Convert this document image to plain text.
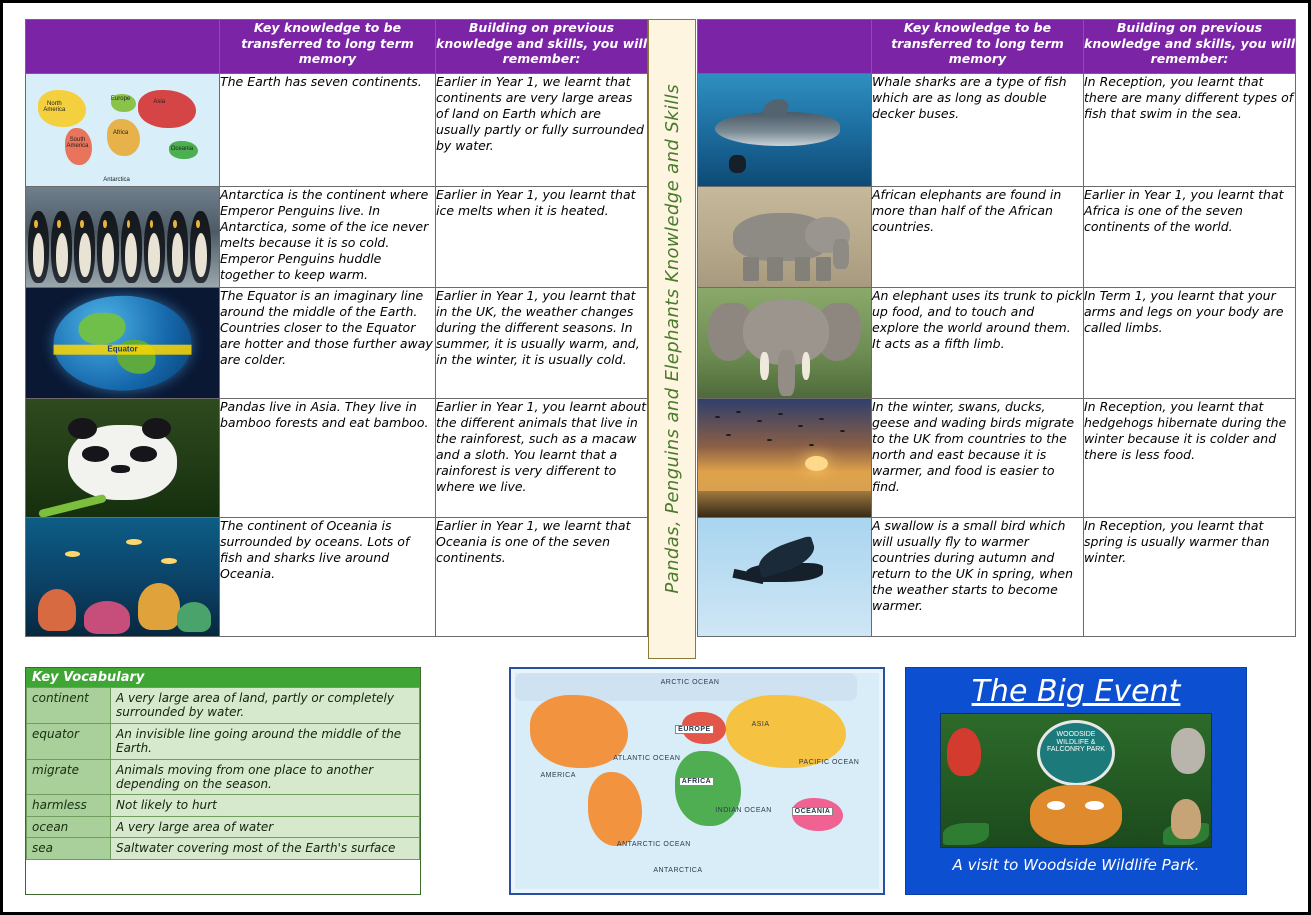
	Key knowledge to be transferred to long term memory	Building on previous knowledge and skills, you will remember:

North
America
South
America
Africa
Europe	Asia
Oceania
Antarctica
	The Earth has seven continents.	Earlier in Year 1, we learnt that continents are very large areas of land on Earth which are usually partly or fully surrounded by water.

	Antarctica is the continent where Emperor Penguins live. In Antarctica, some of the ice never melts because it is so cold. Emperor Penguins huddle together to keep warm.	Earlier in Year 1, you learnt that ice melts when it is heated.

Equator	The Equator is an imaginary line around the middle of the Earth. Countries closer to the Equator are hotter and those further away are colder.	Earlier in Year 1, you learnt that in the UK, the weather changes during the different seasons. In summer, it is usually warm, and, in the winter, it is usually cold.

	Pandas live in Asia. They live in bamboo forests and eat bamboo.	Earlier in Year 1, you learnt about the different animals that live in the rainforest, such as a macaw and a sloth. You learnt that a rainforest is very different to where we live.

	The continent of Oceania is surrounded by oceans. Lots of fish and sharks live around Oceania.	Earlier in Year 1, we learnt that Oceania is one of the seven continents.	Pandas, Penguins and Elephants Knowledge and Skills
	Key knowledge to be transferred to long term memory	Building on previous knowledge and skills, you will remember:

	Whale sharks are a type of fish which are as long as double decker buses.	In Reception, you learnt that there are many different types of fish that swim in the sea.

	African elephants are found in more than half of the African countries.	Earlier in Year 1, you learnt that Africa is one of the seven continents of the world.

	An elephant uses its trunk to pick up food, and to touch and explore the world around them. It acts as a fifth limb.	In Term 1, you learnt that your arms and legs on your body are called limbs.

	In the winter, swans, ducks, geese and wading birds migrate to the UK from countries to the north and east because it is warmer, and food is easier to find.	In Reception, you learnt that hedgehogs hibernate during the winter because it is colder and there is less food.

	A swallow is a small bird which will usually fly to warmer countries during autumn and return to the UK in spring, when the weather starts to become warmer.	In Reception, you learnt that spring is usually warmer than winter.
Key Vocabulary
continent	A very large area of land, partly or completely surrounded by water.
equator	An invisible line going around the middle of the Earth.
migrate	Animals moving from one place to another depending on the season.
harmless	Not likely to hurt
ocean	A very large area of water
sea	Saltwater covering most of the Earth's surface
ARCTIC OCEAN
ASIA
EUROPE
AFRICA
AMERICA
ATLANTIC OCEAN
PACIFIC OCEAN
INDIAN OCEAN	OCEANIA
ANTARCTIC OCEAN
ANTARCTICA
The Big Event
WOODSIDE WILDLIFE & FALCONRY PARK
A visit to Woodside Wildlife Park.
